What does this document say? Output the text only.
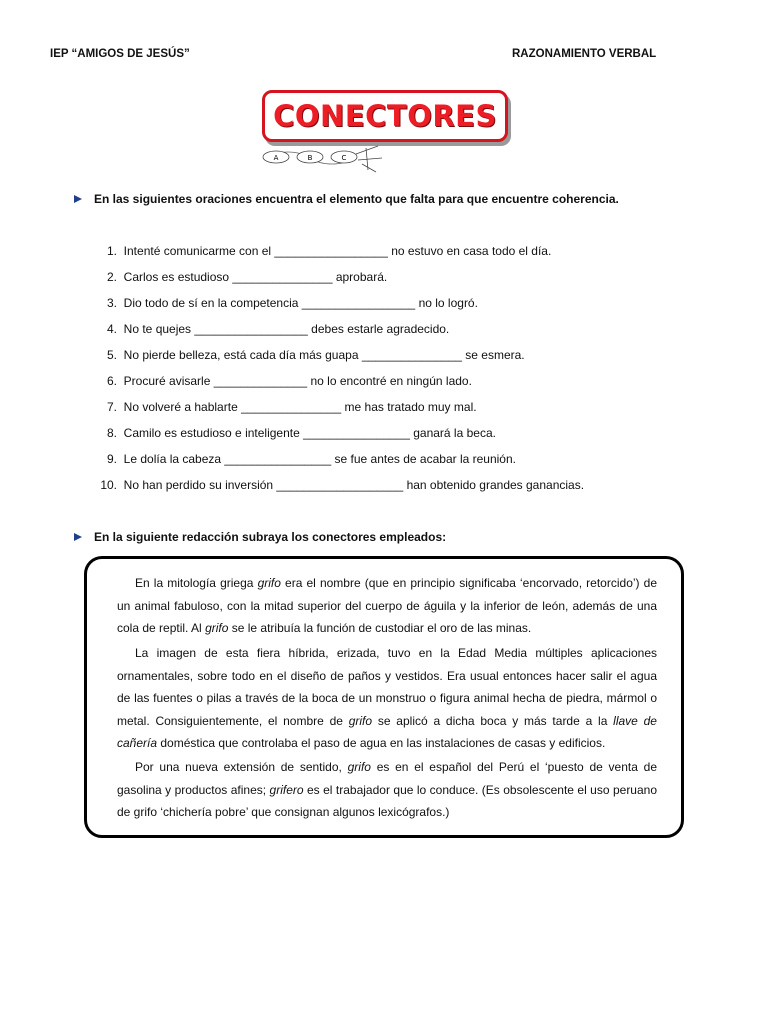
IEP “AMIGOS DE JESÚS”	RAZONAMIENTO VERBAL
CONECTORES
A	B	C
En las siguientes oraciones encuentra el elemento que falta para que encuentre coherencia.
1.
Intenté comunicarme con el _________________ no estuvo en casa todo el día.
2.
Carlos es estudioso _______________ aprobará.
3.
Dio todo de sí en la competencia _________________ no lo logró.
4.
No te quejes _________________ debes estarle agradecido.
5.
No pierde belleza, está cada día más guapa _______________ se esmera.
6.
Procuré avisarle ______________ no lo encontré en ningún lado.
7.
No volveré a hablarte _______________ me has tratado muy mal.
8.
Camilo es estudioso e inteligente ________________ ganará la beca.
9.
Le dolía la cabeza ________________ se fue antes de acabar la reunión.
10.
No han perdido su inversión ___________________ han obtenido grandes ganancias.
En la siguiente redacción subraya los conectores empleados:

En la mitología griega grifo era el nombre (que en principio significaba ‘encorvado, retorcido’) de un animal fabuloso, con la mitad superior del cuerpo de águila y la inferior de león, además de una cola de reptil. Al grifo se le atribuía la función de custodiar el oro de las minas.

La imagen de esta fiera híbrida, erizada, tuvo en la Edad Media múltiples aplicaciones ornamentales, sobre todo en el diseño de paños y vestidos. Era usual entonces hacer salir el agua de las fuentes o pilas a través de la boca de un monstruo o figura animal hecha de piedra, mármol o metal. Consiguientemente, el nombre de grifo se aplicó a dicha boca y más tarde a la llave de cañería doméstica que controlaba el paso de agua en las instalaciones de casas y edificios.

Por una nueva extensión de sentido, grifo es en el español del Perú el ‘puesto de venta de gasolina y productos afines; grifero es el trabajador que lo conduce. (Es obsolescente el uso peruano de grifo ‘chichería pobre’ que consignan algunos lexicógrafos.)
